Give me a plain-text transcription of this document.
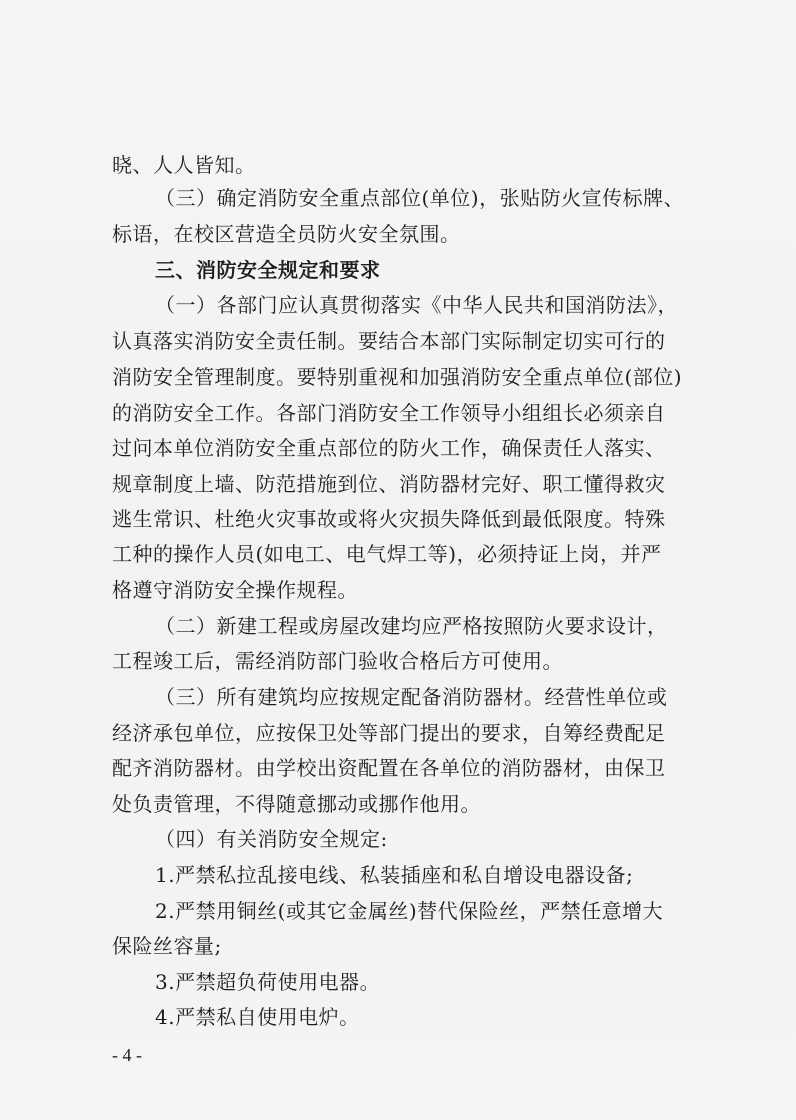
晓、人人皆知。
（三）确定消防安全重点部位(单位)，张贴防火宣传标牌、
标语，在校区营造全员防火安全氛围。
三、消防安全规定和要求
（一）各部门应认真贯彻落实《中华人民共和国消防法》，
认真落实消防安全责任制。要结合本部门实际制定切实可行的
消防安全管理制度。要特别重视和加强消防安全重点单位(部位)
的消防安全工作。各部门消防安全工作领导小组组长必须亲自
过问本单位消防安全重点部位的防火工作，确保责任人落实、
规章制度上墙、防范措施到位、消防器材完好、职工懂得救灾
逃生常识、杜绝火灾事故或将火灾损失降低到最低限度。特殊
工种的操作人员(如电工、电气焊工等)，必须持证上岗，并严
格遵守消防安全操作规程。
（二）新建工程或房屋改建均应严格按照防火要求设计，
工程竣工后，需经消防部门验收合格后方可使用。
（三）所有建筑均应按规定配备消防器材。经营性单位或
经济承包单位，应按保卫处等部门提出的要求，自筹经费配足
配齐消防器材。由学校出资配置在各单位的消防器材，由保卫
处负责管理，不得随意挪动或挪作他用。
（四）有关消防安全规定:
1.严禁私拉乱接电线、私装插座和私自增设电器设备;
2.严禁用铜丝(或其它金属丝)替代保险丝，严禁任意增大
保险丝容量;
3.严禁超负荷使用电器。
4.严禁私自使用电炉。
- 4 -
